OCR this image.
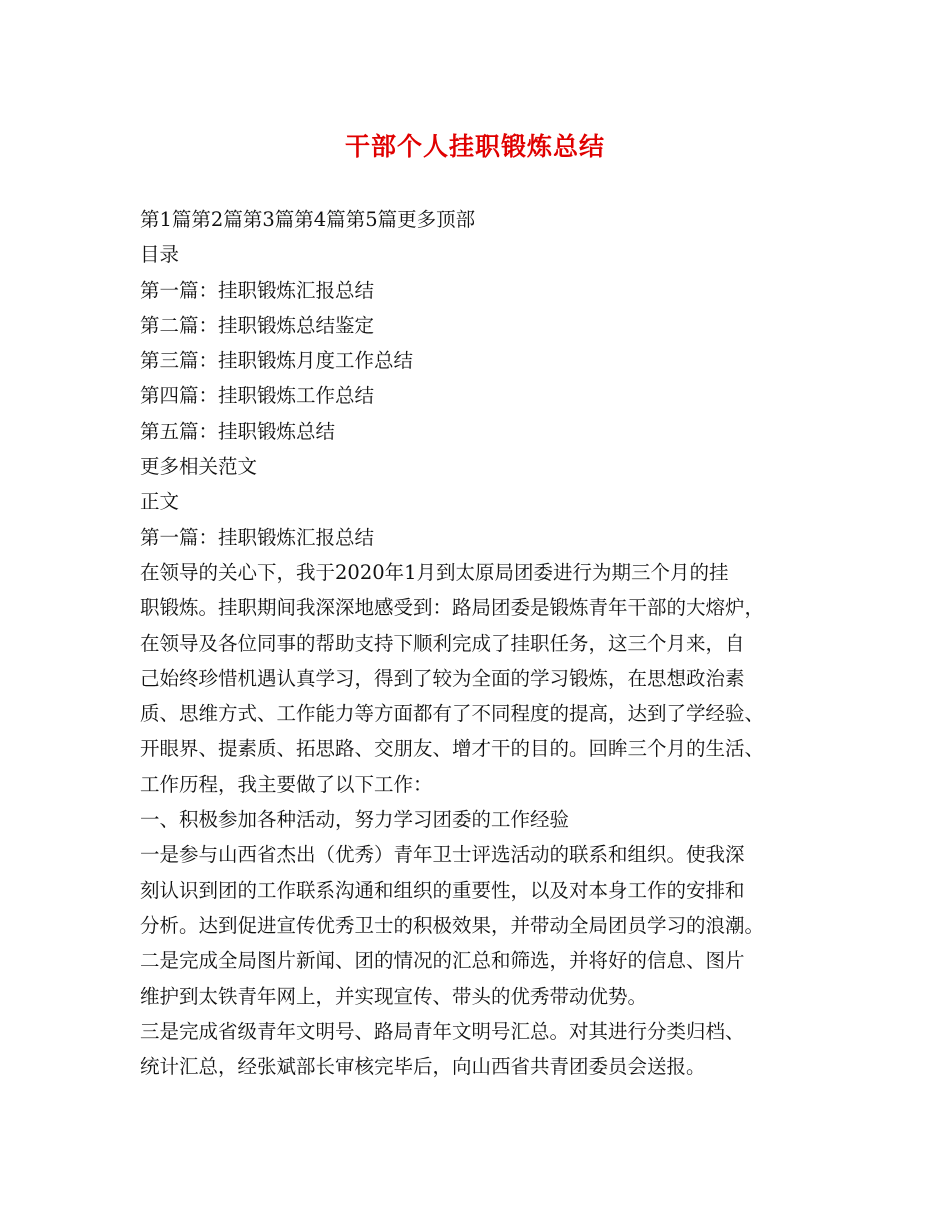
干部个人挂职锻炼总结
第1篇第2篇第3篇第4篇第5篇更多顶部
目录
第一篇：挂职锻炼汇报总结
第二篇：挂职锻炼总结鉴定
第三篇：挂职锻炼月度工作总结
第四篇：挂职锻炼工作总结
第五篇：挂职锻炼总结
更多相关范文
正文
第一篇：挂职锻炼汇报总结
在领导的关心下，我于2020年1月到太原局团委进行为期三个月的挂
职锻炼。挂职期间我深深地感受到：路局团委是锻炼青年干部的大熔炉，
在领导及各位同事的帮助支持下顺利完成了挂职任务，这三个月来，自
己始终珍惜机遇认真学习，得到了较为全面的学习锻炼，在思想政治素
质、思维方式、工作能力等方面都有了不同程度的提高，达到了学经验、
开眼界、提素质、拓思路、交朋友、增才干的目的。回眸三个月的生活、
工作历程，我主要做了以下工作：
一、积极参加各种活动，努力学习团委的工作经验
一是参与山西省杰出（优秀）青年卫士评选活动的联系和组织。使我深
刻认识到团的工作联系沟通和组织的重要性，以及对本身工作的安排和
分析。达到促进宣传优秀卫士的积极效果，并带动全局团员学习的浪潮。
二是完成全局图片新闻、团的情况的汇总和筛选，并将好的信息、图片
维护到太铁青年网上，并实现宣传、带头的优秀带动优势。
三是完成省级青年文明号、路局青年文明号汇总。对其进行分类归档、
统计汇总，经张斌部长审核完毕后，向山西省共青团委员会送报。
